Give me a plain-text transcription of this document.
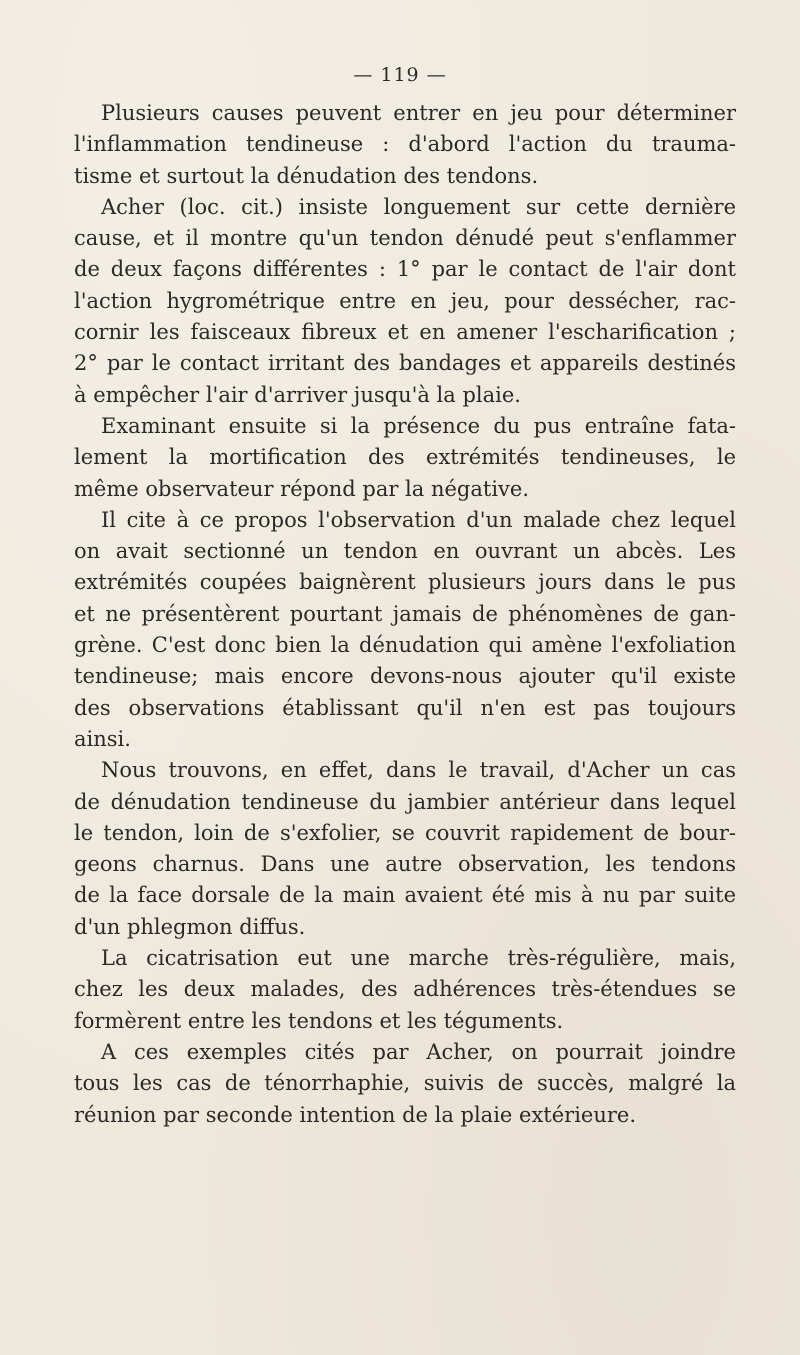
— 119 —
Plusieurs causes peuvent entrer en jeu pour déterminer
l'inflammation tendineuse : d'abord l'action du trauma-
tisme et surtout la dénudation des tendons.
Acher (loc. cit.) insiste longuement sur cette dernière
cause, et il montre qu'un tendon dénudé peut s'enflammer
de deux façons différentes : 1° par le contact de l'air dont
l'action hygrométrique entre en jeu, pour dessécher, rac-
cornir les faisceaux fibreux et en amener l'escharification ;
2° par le contact irritant des bandages et appareils destinés
à empêcher l'air d'arriver jusqu'à la plaie.
Examinant ensuite si la présence du pus entraîne fata-
lement la mortification des extrémités tendineuses, le
même observateur répond par la négative.
Il cite à ce propos l'observation d'un malade chez lequel
on avait sectionné un tendon en ouvrant un abcès. Les
extrémités coupées baignèrent plusieurs jours dans le pus
et ne présentèrent pourtant jamais de phénomènes de gan-
grène. C'est donc bien la dénudation qui amène l'exfoliation
tendineuse; mais encore devons-nous ajouter qu'il existe
des observations établissant qu'il n'en est pas toujours
ainsi.
Nous trouvons, en effet, dans le travail, d'Acher un cas
de dénudation tendineuse du jambier antérieur dans lequel
le tendon, loin de s'exfolier, se couvrit rapidement de bour-
geons charnus. Dans une autre observation, les tendons
de la face dorsale de la main avaient été mis à nu par suite
d'un phlegmon diffus.
La cicatrisation eut une marche très-régulière, mais,
chez les deux malades, des adhérences très-étendues se
formèrent entre les tendons et les téguments.
A ces exemples cités par Acher, on pourrait joindre
tous les cas de ténorrhaphie, suivis de succès, malgré la
réunion par seconde intention de la plaie extérieure.
